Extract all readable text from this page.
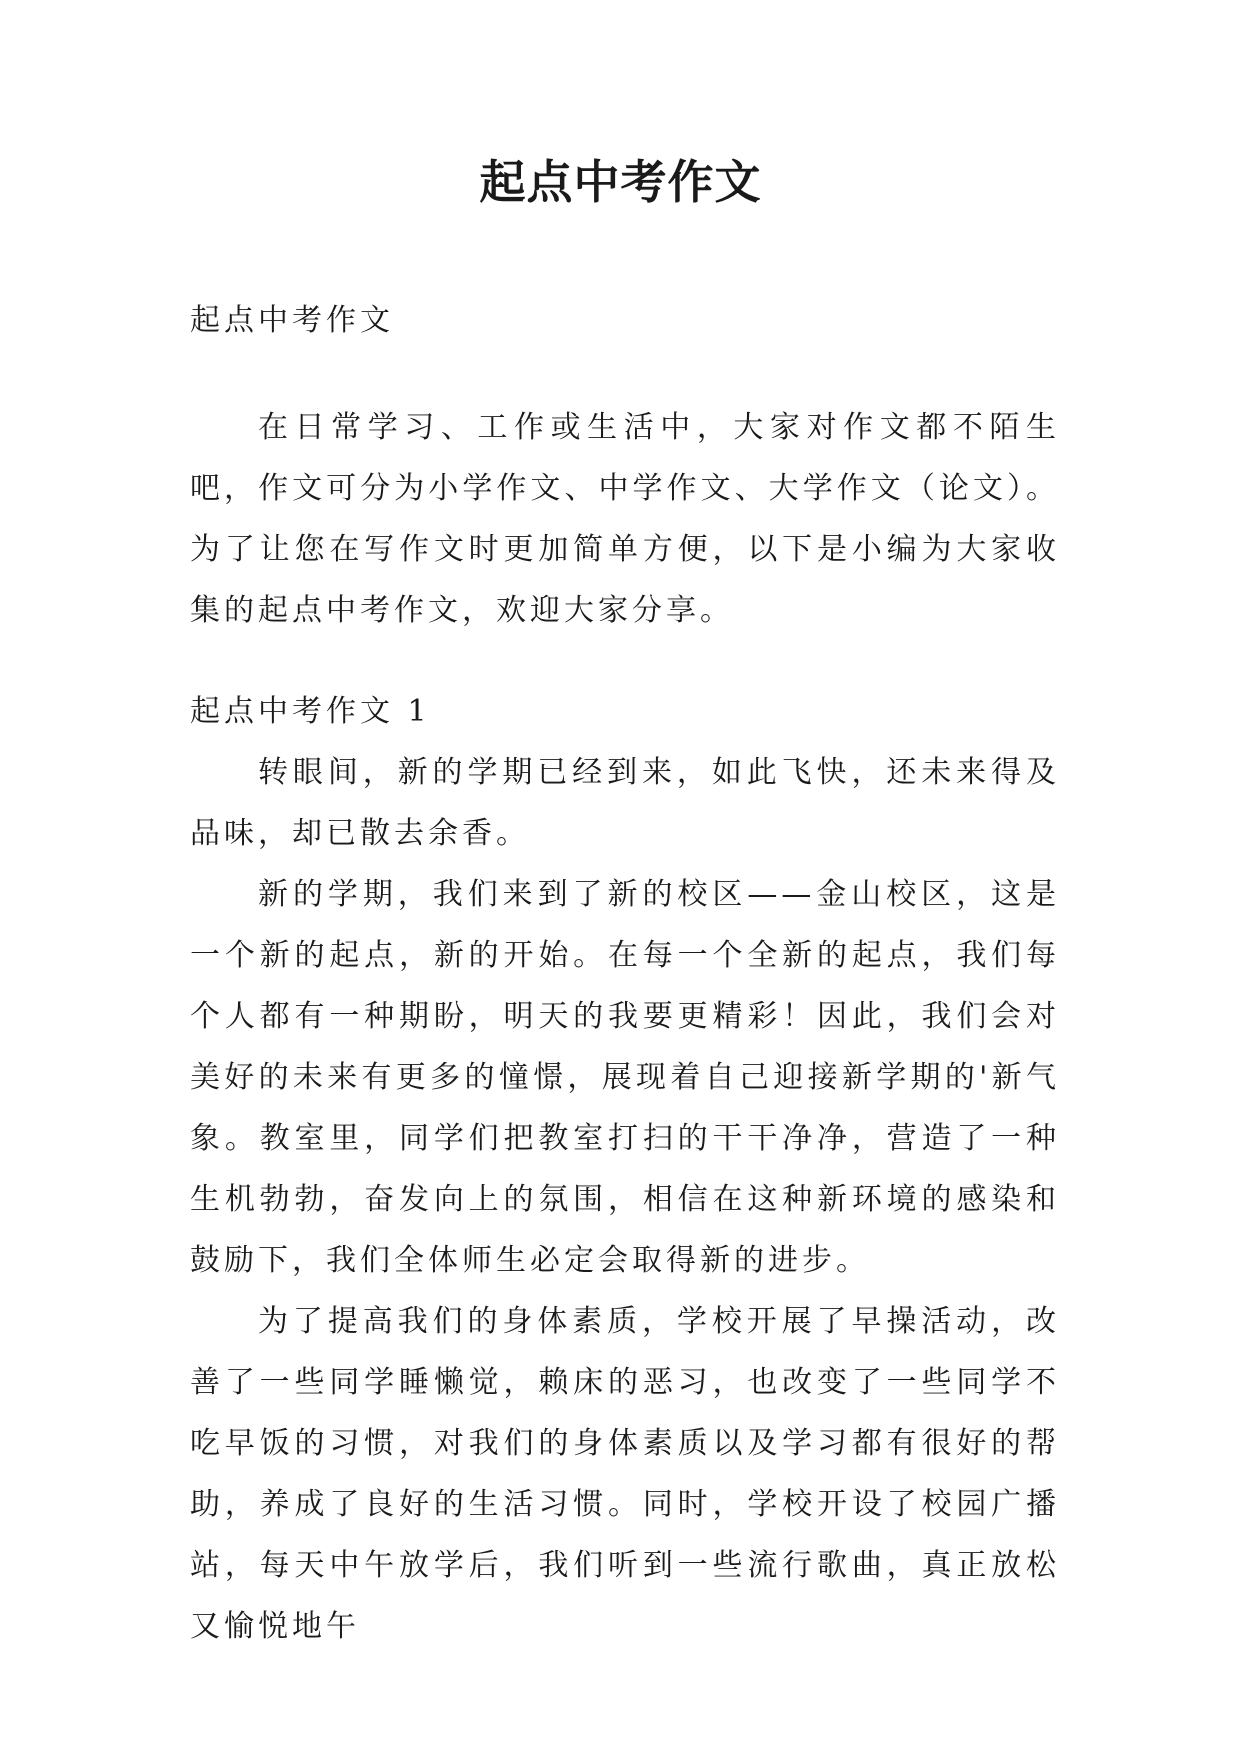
起点中考作文

起点中考作文

在日常学习、工作或生活中，大家对作文都不陌生吧，作文可分为小学作文、中学作文、大学作文（论文）。为了让您在写作文时更加简单方便，以下是小编为大家收集的起点中考作文，欢迎大家分享。

起点中考作文 1

转眼间，新的学期已经到来，如此飞快，还未来得及品味，却已散去余香。

新的学期，我们来到了新的校区——金山校区，这是一个新的起点，新的开始。在每一个全新的起点，我们每个人都有一种期盼，明天的我要更精彩！因此，我们会对美好的未来有更多的憧憬，展现着自己迎接新学期的'新气象。教室里，同学们把教室打扫的干干净净，营造了一种生机勃勃，奋发向上的氛围，相信在这种新环境的感染和鼓励下，我们全体师生必定会取得新的进步。

为了提高我们的身体素质，学校开展了早操活动，改善了一些同学睡懒觉，赖床的恶习，也改变了一些同学不吃早饭的习惯，对我们的身体素质以及学习都有很好的帮助，养成了良好的生活习惯。同时，学校开设了校园广播站，每天中午放学后，我们听到一些流行歌曲，真正放松又愉悦地午
